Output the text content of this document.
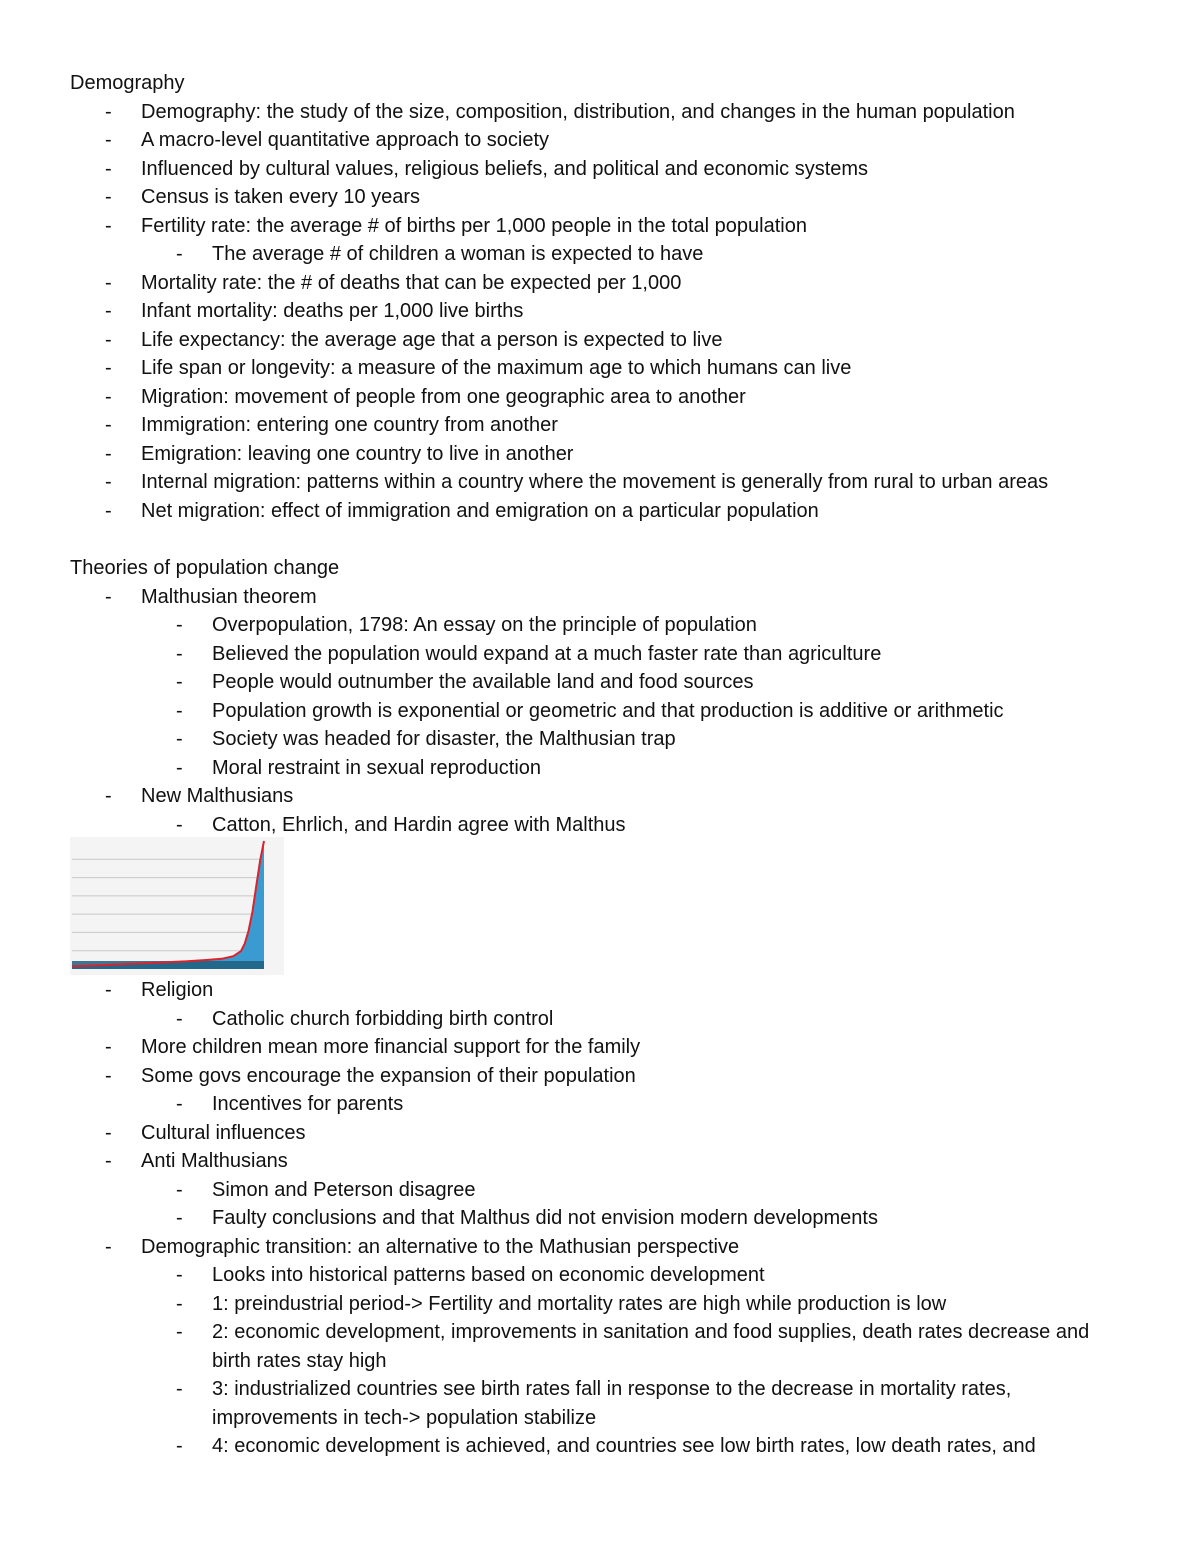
Demography
- Demography: the study of the size, composition, distribution, and changes in the human population
- A macro-level quantitative approach to society
- Influenced by cultural values, religious beliefs, and political and economic systems
- Census is taken every 10 years
- Fertility rate: the average # of births per 1,000 people in the total population
- The average # of children a woman is expected to have
- Mortality rate: the # of deaths that can be expected per 1,000
- Infant mortality: deaths per 1,000 live births
- Life expectancy: the average age that a person is expected to live
- Life span or longevity: a measure of the maximum age to which humans can live
- Migration: movement of people from one geographic area to another
- Immigration: entering one country from another
- Emigration: leaving one country to live in another
- Internal migration: patterns within a country where the movement is generally from rural to urban areas
- Net migration: effect of immigration and emigration on a particular population
Theories of population change
- Malthusian theorem
- Overpopulation, 1798: An essay on the principle of population
- Believed the population would expand at a much faster rate than agriculture
- People would outnumber the available land and food sources
- Population growth is exponential or geometric and that production is additive or arithmetic
- Society was headed for disaster, the Malthusian trap
- Moral restraint in sexual reproduction
- New Malthusians
- Catton, Ehrlich, and Hardin agree with Malthus
- Religion
- Catholic church forbidding birth control
- More children mean more financial support for the family
- Some govs encourage the expansion of their population
- Incentives for parents
- Cultural influences
- Anti Malthusians
- Simon and Peterson disagree
- Faulty conclusions and that Malthus did not envision modern developments
- Demographic transition: an alternative to the Mathusian perspective
- Looks into historical patterns based on economic development
- 1: preindustrial period-> Fertility and mortality rates are high while production is low
- 2: economic development, improvements in sanitation and food supplies, death rates decrease and birth rates stay high
- 3: industrialized countries see birth rates fall in response to the decrease in mortality rates, improvements in tech-> population stabilize
- 4: economic development is achieved, and countries see low birth rates, low death rates, and
